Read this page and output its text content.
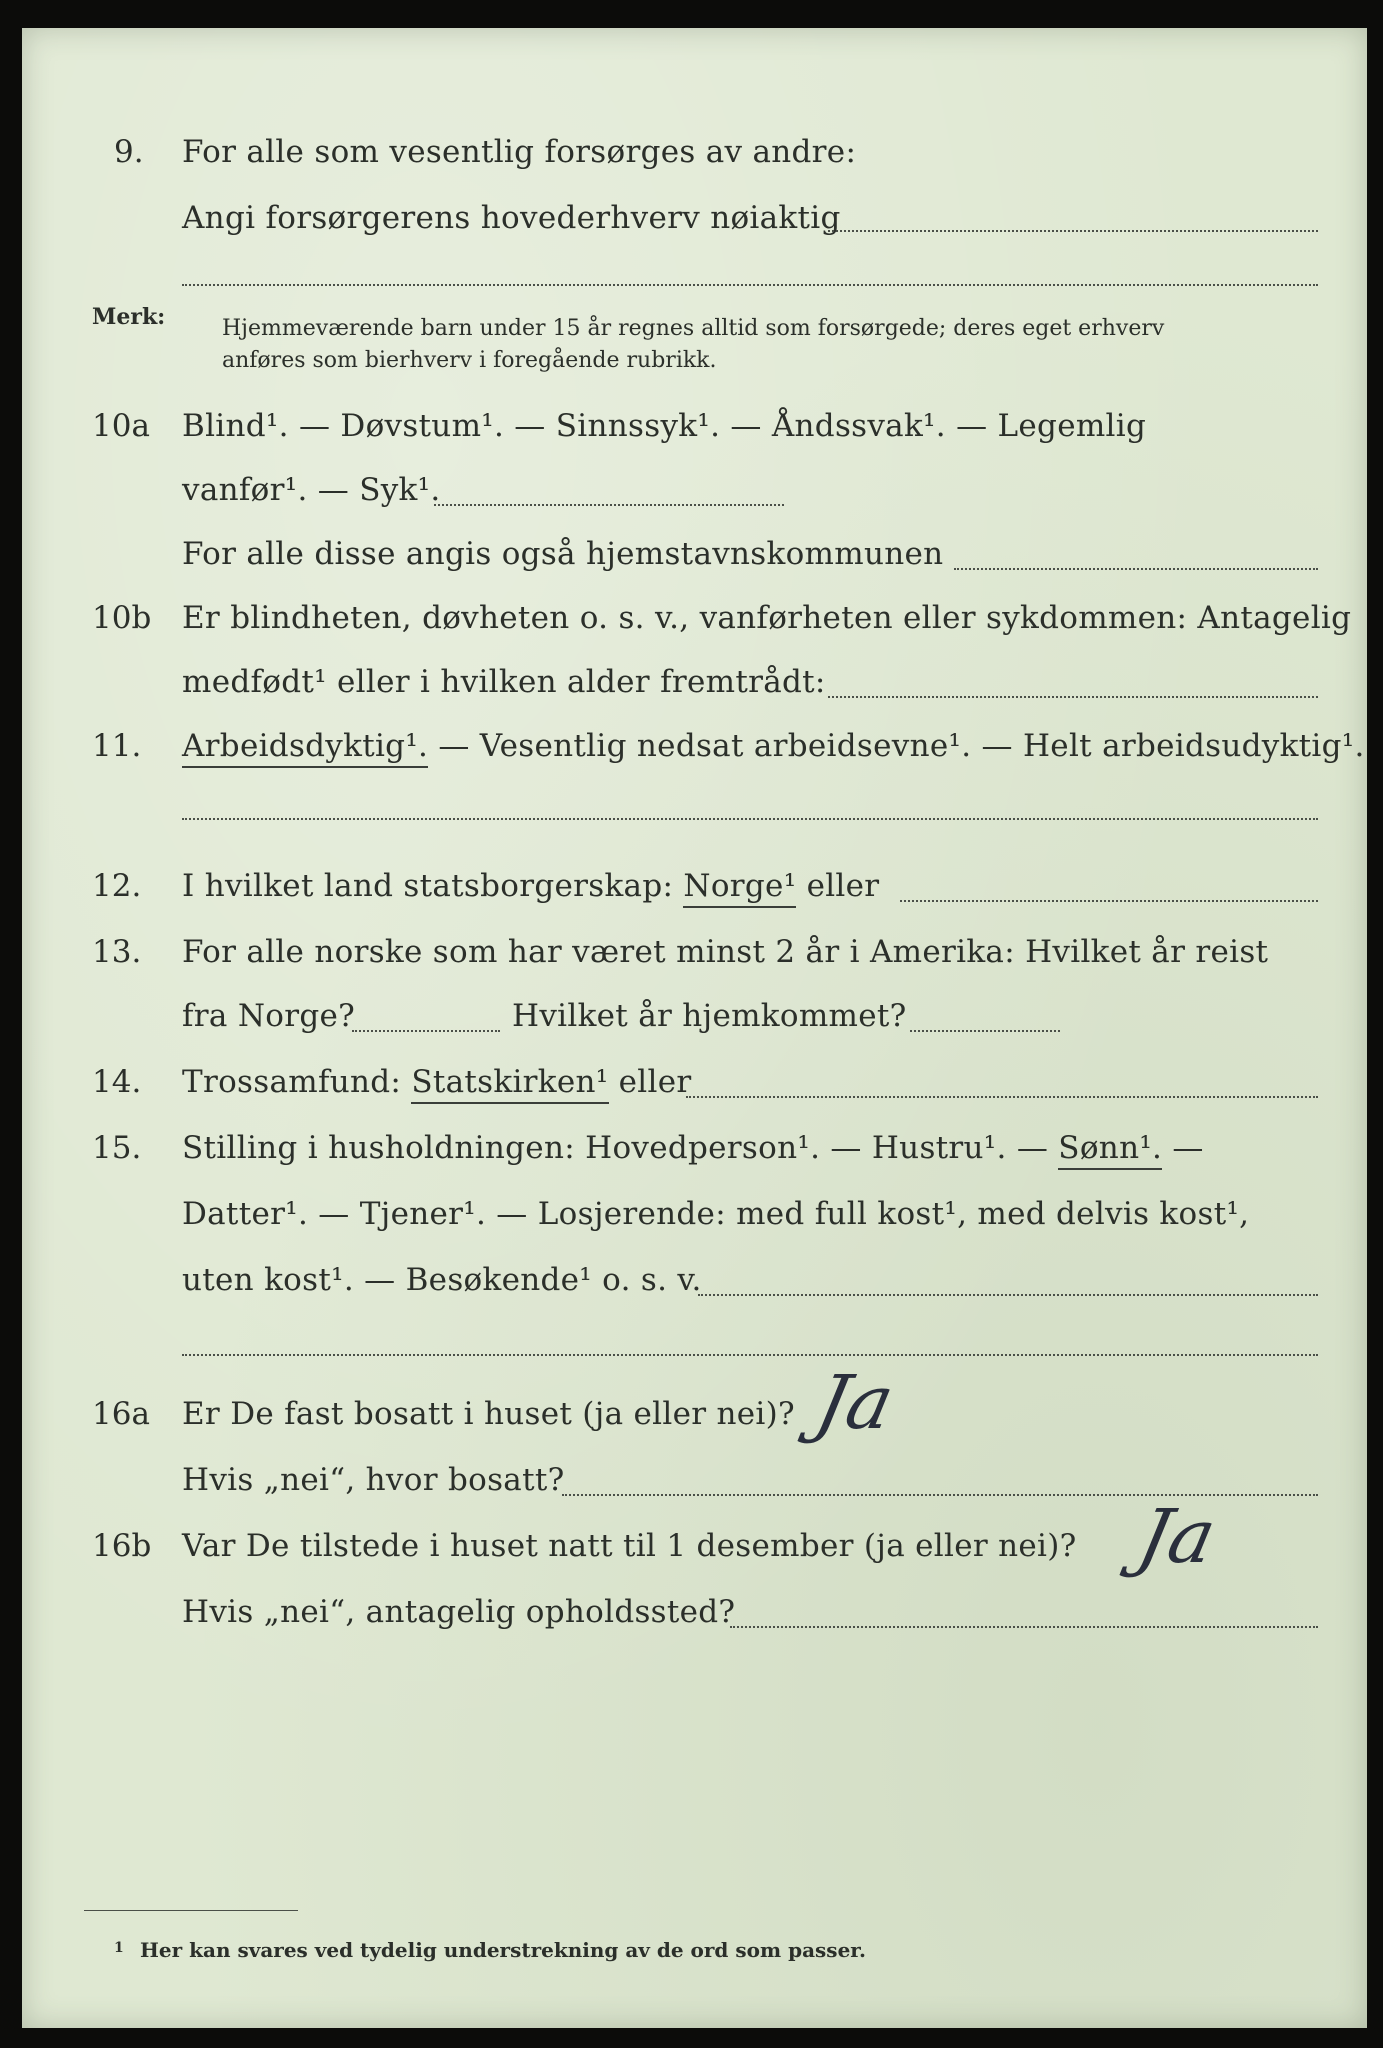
9. For alle som vesentlig forsørges av andre:
Angi forsørgerens hovederhverv nøiaktig
Merk:	Hjemmeværende barn under 15 år regnes alltid som forsørgede; deres eget erhverv
anføres som bierhverv i foregående rubrikk.
10a Blind¹. — Døvstum¹. — Sinnssyk¹. — Åndssvak¹. — Legemlig
vanfør¹. — Syk¹.
For alle disse angis også hjemstavnskommunen
10b Er blindheten, døvheten o. s. v., vanførheten eller sykdommen: Antagelig
medfødt¹ eller i hvilken alder fremtrådt:
11. Arbeidsdyktig¹. — Vesentlig nedsat arbeidsevne¹. — Helt arbeidsudyktig¹.
12. I hvilket land statsborgerskap: Norge¹ eller
13. For alle norske som har været minst 2 år i Amerika: Hvilket år reist
fra Norge?	Hvilket år hjemkommet?
14. Trossamfund: Statskirken¹ eller
15. Stilling i husholdningen: Hovedperson¹. — Hustru¹. — Sønn¹. —
Datter¹. — Tjener¹. — Losjerende: med full kost¹, med delvis kost¹,
uten kost¹. — Besøkende¹ o. s. v.
16a Er De fast bosatt i huset (ja eller nei)? Ja
Hvis „nei“, hvor bosatt?
16b Var De tilstede i huset natt til 1 desember (ja eller nei)? Ja
Hvis „nei“, antagelig opholdssted?
1 Her kan svares ved tydelig understrekning av de ord som passer.
